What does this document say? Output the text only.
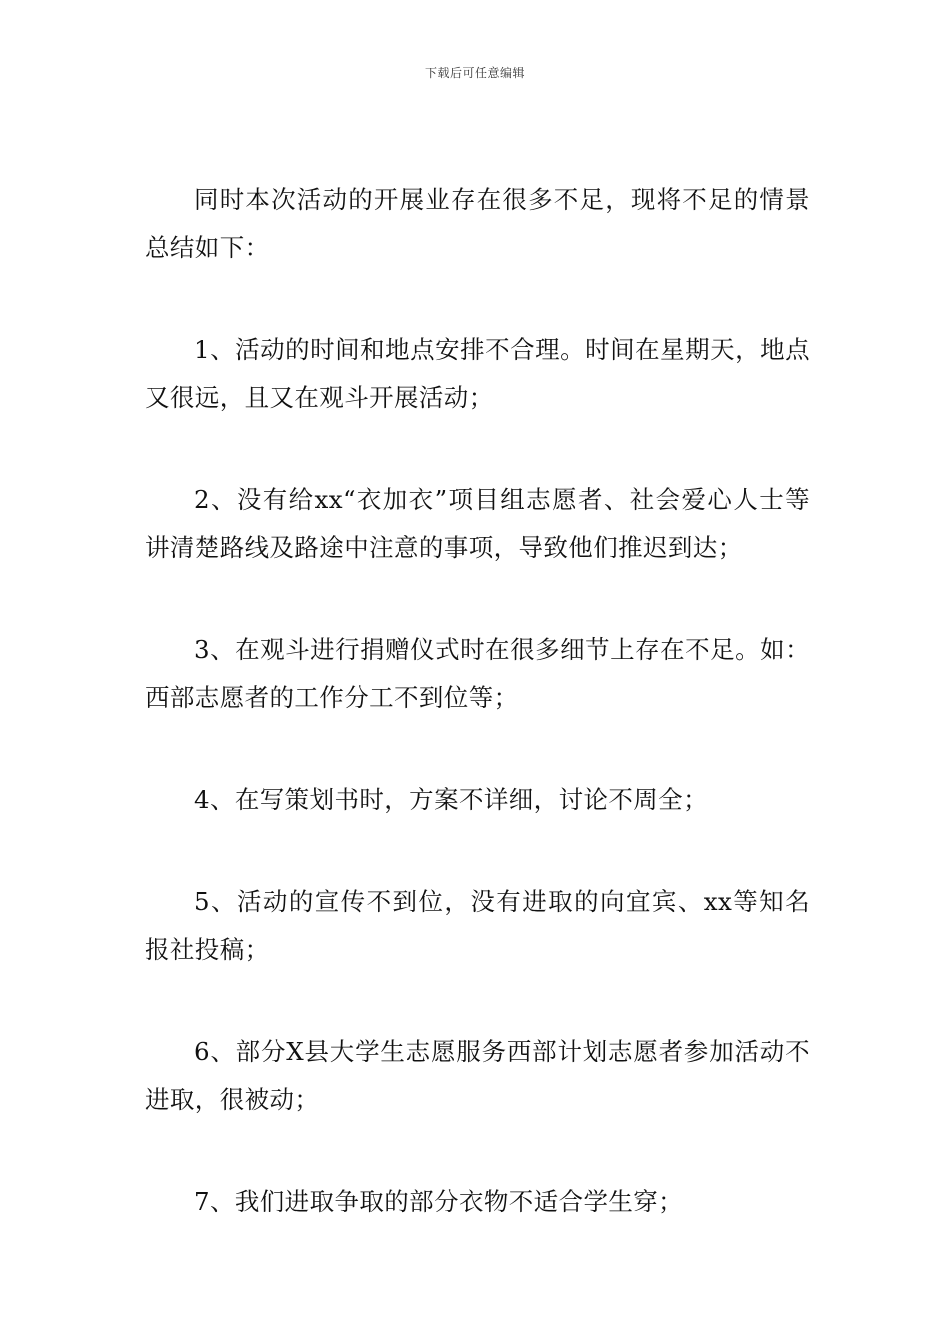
下载后可任意编辑

同时本次活动的开展业存在很多不足，现将不足的情景总结如下：

1、活动的时间和地点安排不合理。时间在星期天，地点又很远，且又在观斗开展活动；

2、没有给xx“衣加衣”项目组志愿者、社会爱心人士等讲清楚路线及路途中注意的事项，导致他们推迟到达；

3、在观斗进行捐赠仪式时在很多细节上存在不足。如：西部志愿者的工作分工不到位等；

4、在写策划书时，方案不详细，讨论不周全；

5、活动的宣传不到位，没有进取的向宜宾、xx等知名报社投稿；

6、部分X县大学生志愿服务西部计划志愿者参加活动不进取，很被动；

7、我们进取争取的部分衣物不适合学生穿；
